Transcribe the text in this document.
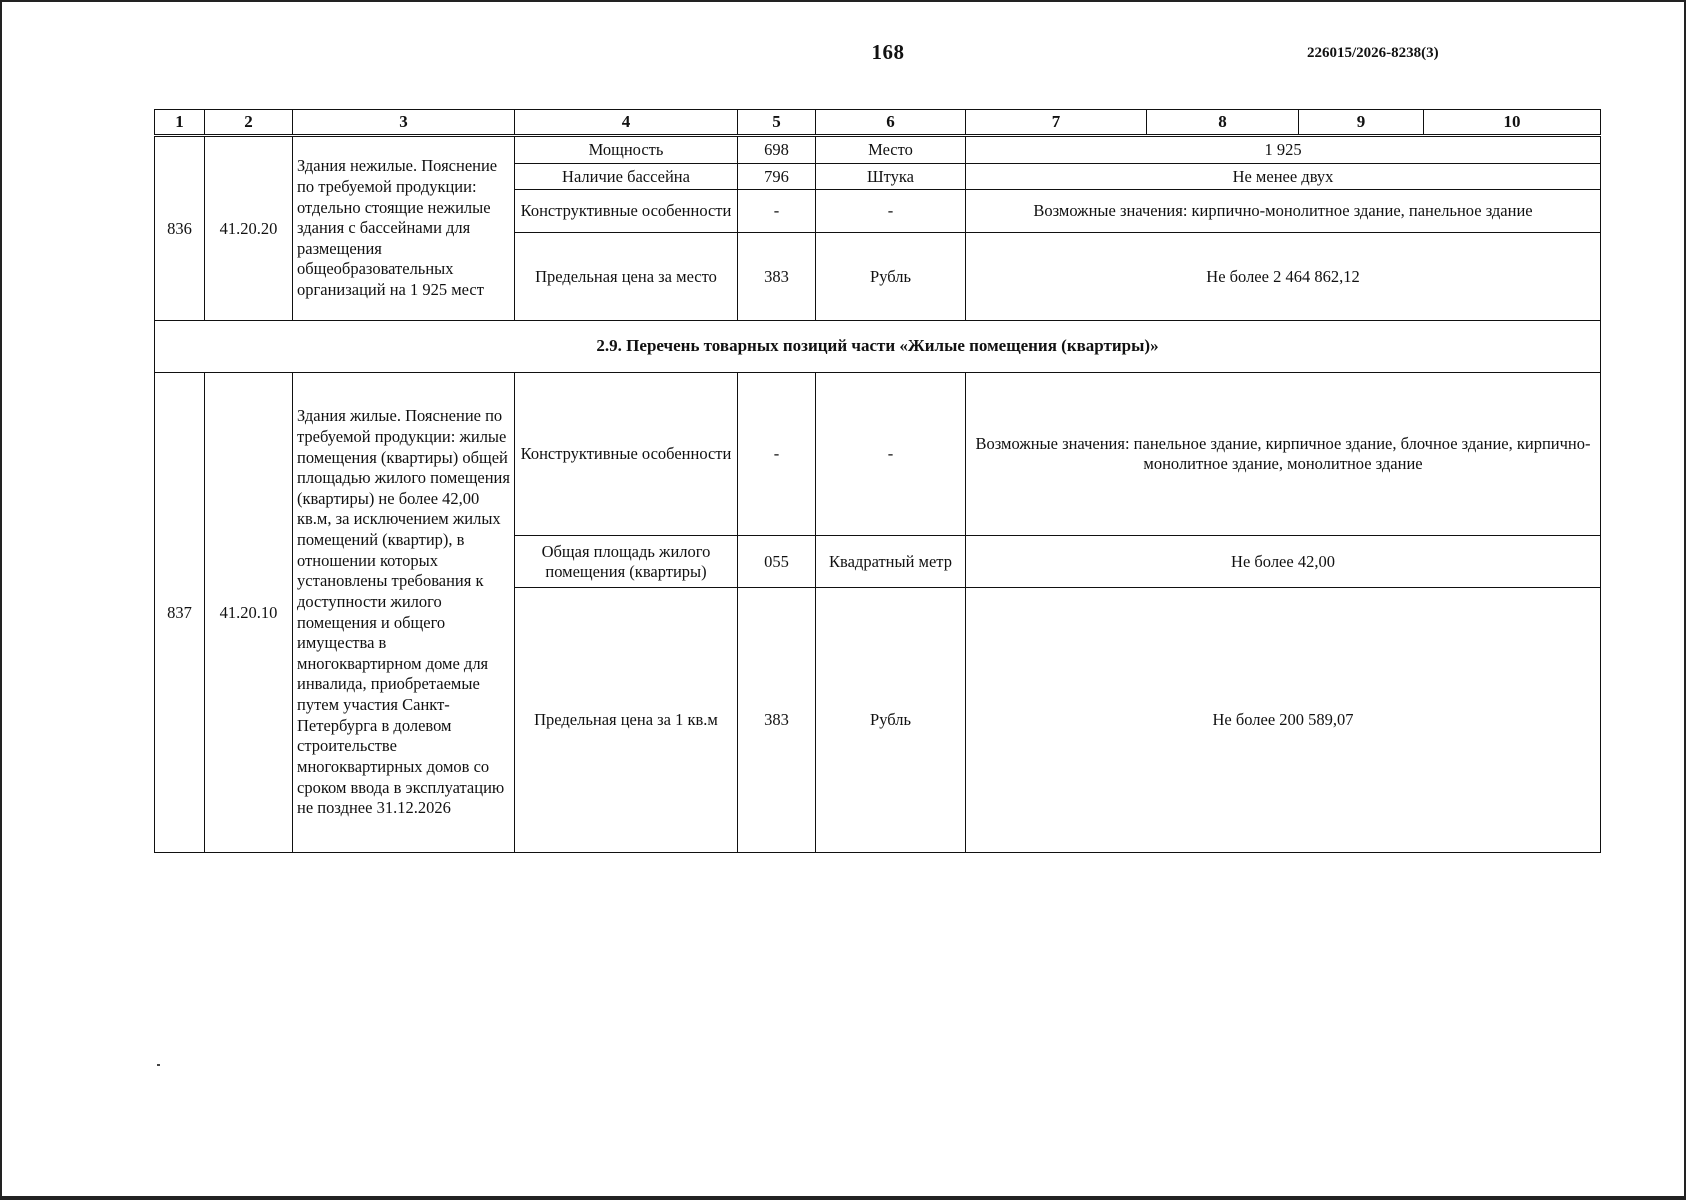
168	226015/2026-8238(3)
1	2	3	4	5	6	7	8	9	10
836	41.20.20	Здания нежилые. Пояснение по требуемой продукции: отдельно стоящие нежилые здания с бассейнами для размещения общеобразовательных организаций на 1 925 мест	Мощность	698	Место	1 925			
			Наличие бассейна	796	Штука	Не менее двух			
			Конструктивные особенности	-	-	Возможные значения: кирпично-монолитное здание, панельное здание			
			Предельная цена за место	383	Рубль	Не более 2 464 862,12			
2.9. Перечень товарных позиций части «Жилые помещения (квартиры)»									
837	41.20.10	Здания жилые. Пояснение по требуемой продукции: жилые помещения (квартиры) общей площадью жилого помещения (квартиры) не более 42,00 кв.м, за исключением жилых помещений (квартир), в отношении которых установлены требования к доступности жилого помещения и общего имущества в многоквартирном доме для инвалида, приобретаемые путем участия Санкт-Петербурга в долевом строительстве многоквартирных домов со сроком ввода в эксплуатацию не позднее 31.12.2026	Конструктивные особенности	-	-	Возможные значения: панельное здание, кирпичное здание, блочное здание, кирпично-монолитное здание, монолитное здание			
			Общая площадь жилого помещения (квартиры)	055	Квадратный метр	Не более 42,00			
			Предельная цена за 1 кв.м	383	Рубль	Не более 200 589,07			
